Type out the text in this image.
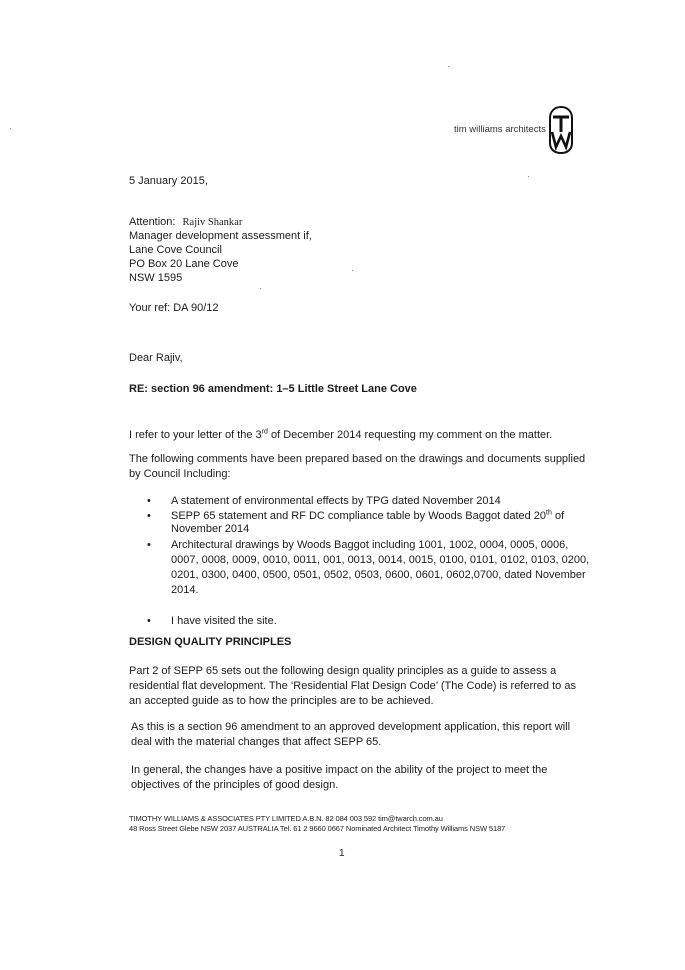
tim williams architects
5 January 2015,
Attention: Rajiv Shankar
Manager development assessment if,
Lane Cove Council
PO Box 20 Lane Cove
NSW 1595
Your ref: DA 90/12
Dear Rajiv,
RE: section 96 amendment: 1–5 Little Street Lane Cove
I refer to your letter of the 3rd of December 2014 requesting my comment on the matter.
The following comments have been prepared based on the drawings and documents supplied by Council Including:
• A statement of environmental effects by TPG dated November 2014
• SEPP 65 statement and RF DC compliance table by Woods Baggot dated 20th of November 2014
• Architectural drawings by Woods Baggot including 1001, 1002, 0004, 0005, 0006, 0007, 0008, 0009, 0010, 0011, 001, 0013, 0014, 0015, 0100, 0101, 0102, 0103, 0200, 0201, 0300, 0400, 0500, 0501, 0502, 0503, 0600, 0601, 0602,0700, dated November 2014.
• I have visited the site.
DESIGN QUALITY PRINCIPLES
Part 2 of SEPP 65 sets out the following design quality principles as a guide to assess a residential flat development. The ‘Residential Flat Design Code’ (The Code) is referred to as an accepted guide as to how the principles are to be achieved.
As this is a section 96 amendment to an approved development application, this report will deal with the material changes that affect SEPP 65.
In general, the changes have a positive impact on the ability of the project to meet the objectives of the principles of good design.
TIMOTHY WILLIAMS & ASSOCIATES PTY LIMITED A.B.N. 82 084 003 592 tim@twarch.com.au
48 Ross Street Glebe NSW 2037 AUSTRALIA Tel. 61 2 9660 0667 Nominated Architect Timothy Williams NSW 5187
1
